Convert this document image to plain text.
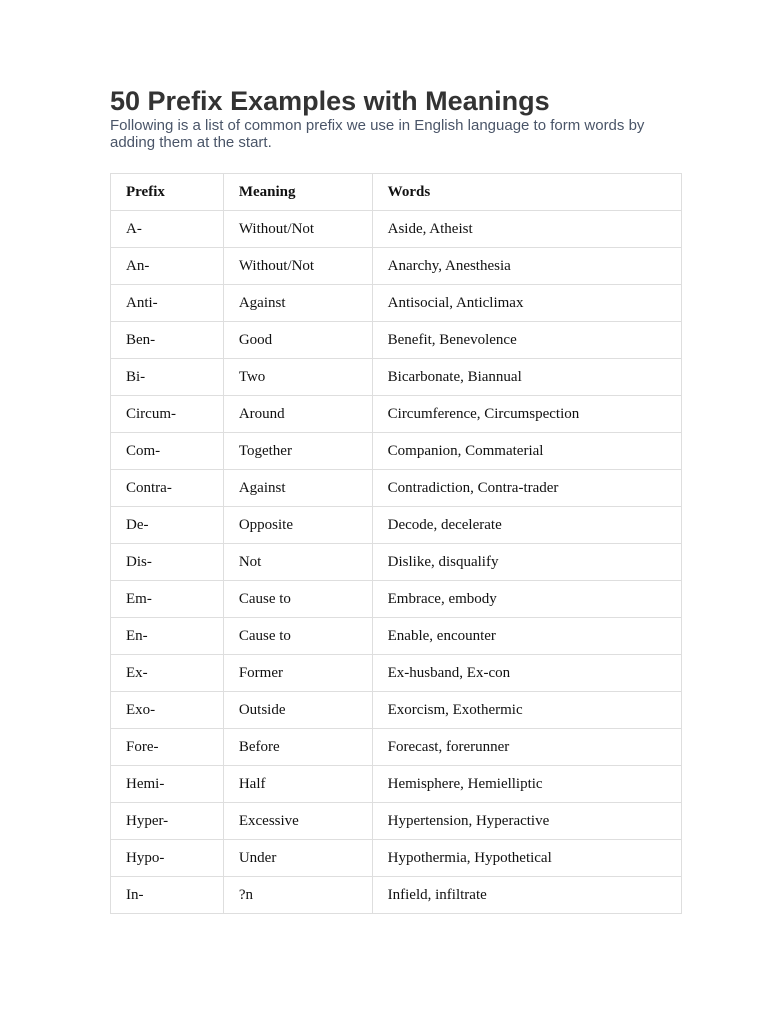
50 Prefix Examples with Meanings

Following is a list of common prefix we use in English language to form words by adding them at the start.

Prefix	Meaning	Words
A-	Without/Not	Aside, Atheist
An-	Without/Not	Anarchy, Anesthesia
Anti-	Against	Antisocial, Anticlimax
Ben-	Good	Benefit, Benevolence
Bi-	Two	Bicarbonate, Biannual
Circum-	Around	Circumference, Circumspection
Com-	Together	Companion, Commaterial
Contra-	Against	Contradiction, Contra-trader
De-	Opposite	Decode, decelerate
Dis-	Not	Dislike, disqualify
Em-	Cause to	Embrace, embody
En-	Cause to	Enable, encounter
Ex-	Former	Ex-husband, Ex-con
Exo-	Outside	Exorcism, Exothermic
Fore-	Before	Forecast, forerunner
Hemi-	Half	Hemisphere, Hemielliptic
Hyper-	Excessive	Hypertension, Hyperactive
Hypo-	Under	Hypothermia, Hypothetical
In-	?n	Infield, infiltrate
